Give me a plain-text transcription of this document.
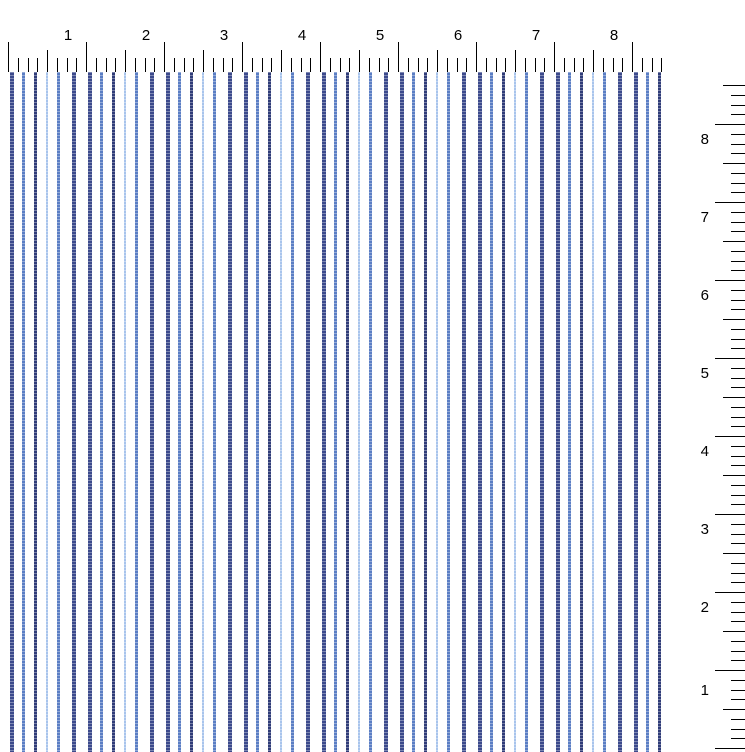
1	2	3	4	5	6	7	8
1
2
3
4
5
6
7
8
